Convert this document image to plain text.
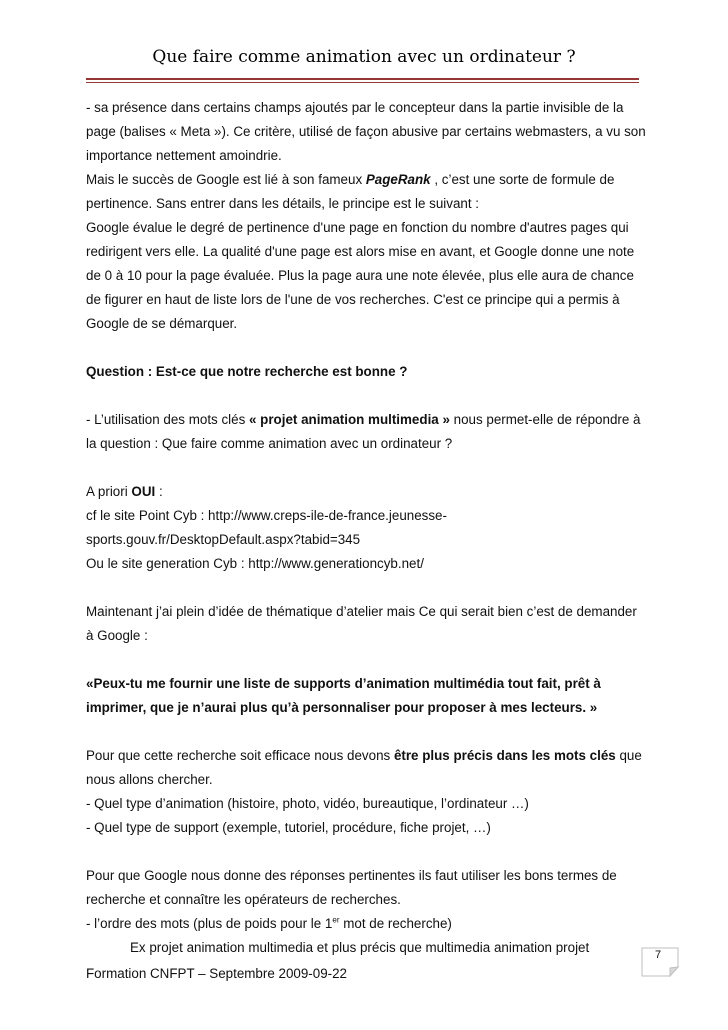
Que faire comme animation avec un ordinateur ?

- sa présence dans certains champs ajoutés par le concepteur dans la partie invisible de la page (balises « Meta »). Ce critère, utilisé de façon abusive par certains webmasters, a vu son importance nettement amoindrie.

Mais le succès de Google est lié à son fameux PageRank , c’est une sorte de formule de pertinence. Sans entrer dans les détails, le principe est le suivant :

Google évalue le degré de pertinence d'une page en fonction du nombre d'autres pages qui redirigent vers elle. La qualité d'une page est alors mise en avant, et Google donne une note de 0 à 10 pour la page évaluée. Plus la page aura une note élevée, plus elle aura de chance de figurer en haut de liste lors de l'une de vos recherches. C'est ce principe qui a permis à Google de se démarquer.

Question : Est-ce que notre recherche est bonne ?

- L’utilisation des mots clés « projet animation multimedia » nous permet-elle de répondre à la question : Que faire comme animation avec un ordinateur ?

A priori OUI :

cf le site Point Cyb : http://www.creps-ile-de-france.jeunesse-sports.gouv.fr/DesktopDefault.aspx?tabid=345

Ou le site generation Cyb : http://www.generationcyb.net/

Maintenant j’ai plein d’idée de thématique d’atelier mais Ce qui serait bien c’est de demander à Google :

«Peux-tu me fournir une liste de supports d’animation multimédia tout fait, prêt à imprimer, que je n’aurai plus qu’à personnaliser pour proposer à mes lecteurs. »

Pour que cette recherche soit efficace nous devons être plus précis dans les mots clés que nous allons chercher.

- Quel type d’animation (histoire, photo, vidéo, bureautique, l’ordinateur …)

- Quel type de support (exemple, tutoriel, procédure, fiche projet, …)

Pour que Google nous donne des réponses pertinentes ils faut utiliser les bons termes de recherche et connaître les opérateurs de recherches.

- l’ordre des mots (plus de poids pour le 1er mot de recherche)

Ex projet animation multimedia et plus précis que multimedia animation projet	7
Formation CNFPT – Septembre 2009-09-22
